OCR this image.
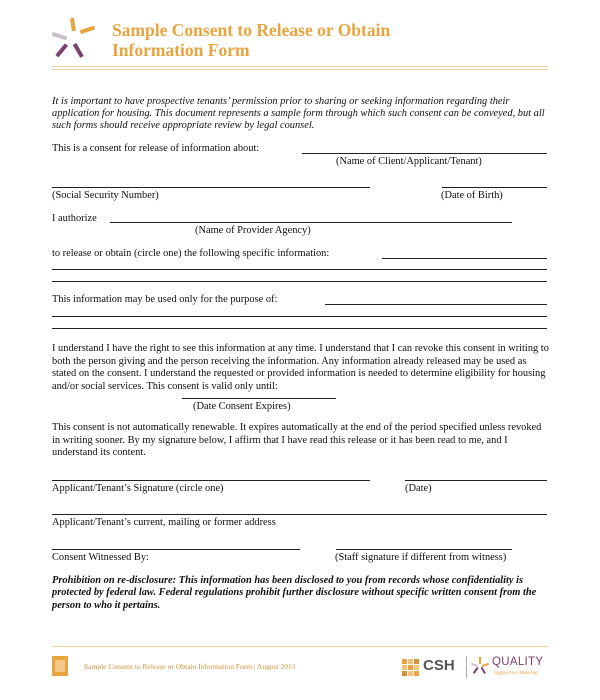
Sample Consent to Release or Obtain
Information Form
It is important to have prospective tenants’ permission prior to sharing or seeking information regarding their application for housing. This document represents a sample form through which such consent can be conveyed, but all such forms should receive appropriate review by legal counsel.
This is a consent for release of information about:
(Name of Client/Applicant/Tenant)
(Social Security Number)	(Date of Birth)
I authorize
(Name of Provider Agency)
to release or obtain (circle one) the following specific information:
This information may be used only for the purpose of:
I understand I have the right to see this information at any time. I understand that I can revoke this consent in writing to both the person giving and the person receiving the information. Any information already released may be used as stated on the consent. I understand the requested or provided information is needed to determine eligibility for housing and/or social services. This consent is valid only until:
(Date Consent Expires)
This consent is not automatically renewable. It expires automatically at the end of the period specified unless revoked in writing sooner. By my signature below, I affirm that I have read this release or it has been read to me, and I understand its content.
Applicant/Tenant’s Signature (circle one)	(Date)
Applicant/Tenant’s current, mailing or former address
Consent Witnessed By:	(Staff signature if different from witness)
Prohibition on re-disclosure: This information has been disclosed to you from records whose confidentiality is protected by federal law. Federal regulations prohibit further disclosure without specific written consent from the person to who it pertains.
Sample Consent to Release or Obtain Information Form | August 2013	CSH	QUALITY
Supportive Housing
